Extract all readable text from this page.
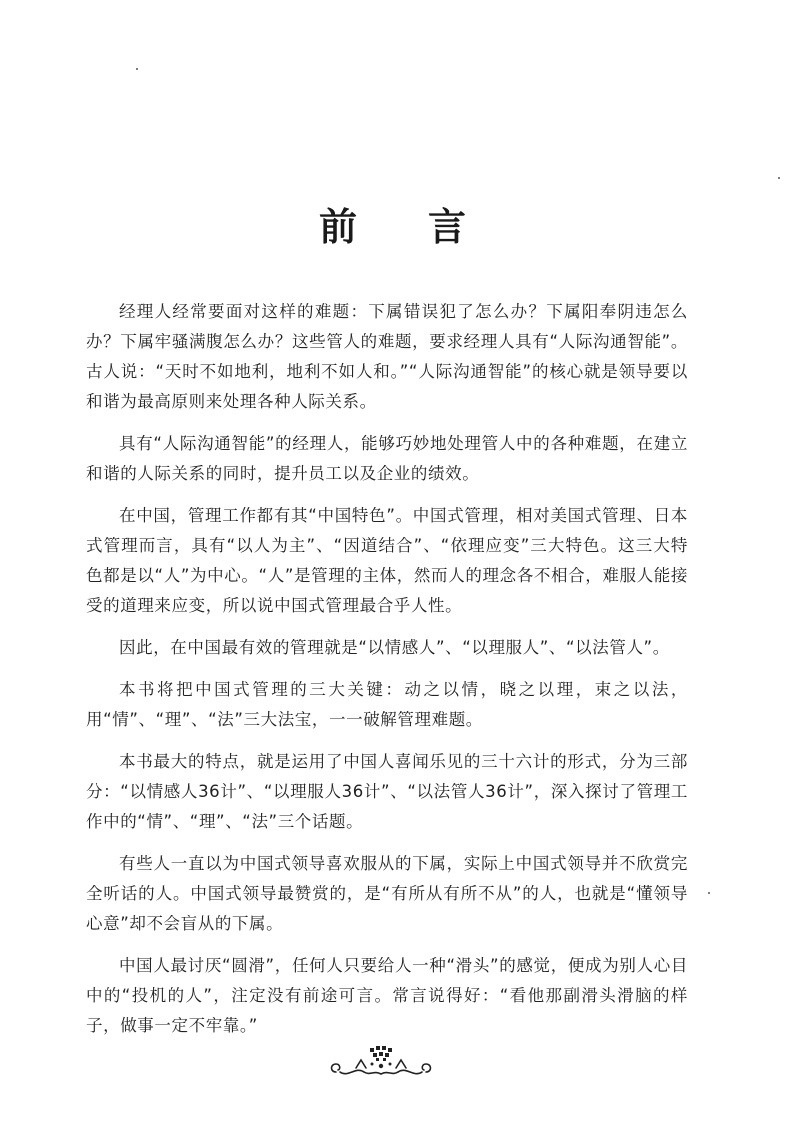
前 言

经理人经常要面对这样的难题：下属错误犯了怎么办？下属阳奉阴违怎么办？下属牢骚满腹怎么办？这些管人的难题，要求经理人具有“人际沟通智能”。古人说：“天时不如地利，地利不如人和。”“人际沟通智能”的核心就是领导要以和谐为最高原则来处理各种人际关系。

具有“人际沟通智能”的经理人，能够巧妙地处理管人中的各种难题，在建立和谐的人际关系的同时，提升员工以及企业的绩效。

在中国，管理工作都有其“中国特色”。中国式管理，相对美国式管理、日本式管理而言，具有“以人为主”、“因道结合”、“依理应变”三大特色。这三大特色都是以“人”为中心。“人”是管理的主体，然而人的理念各不相合，难服人能接受的道理来应变，所以说中国式管理最合乎人性。

因此，在中国最有效的管理就是“以情感人”、“以理服人”、“以法管人”。

本书将把中国式管理的三大关键：动之以情，晓之以理，束之以法，用“情”、“理”、“法”三大法宝，一一破解管理难题。

本书最大的特点，就是运用了中国人喜闻乐见的三十六计的形式，分为三部分：“以情感人36计”、“以理服人36计”、“以法管人36计”，深入探讨了管理工作中的“情”、“理”、“法”三个话题。

有些人一直以为中国式领导喜欢服从的下属，实际上中国式领导并不欣赏完全听话的人。中国式领导最赞赏的，是“有所从有所不从”的人，也就是“懂领导心意”却不会盲从的下属。

中国人最讨厌“圆滑”，任何人只要给人一种“滑头”的感觉，便成为别人心目中的“投机的人”，注定没有前途可言。常言说得好：“看他那副滑头滑脑的样子，做事一定不牢靠。”
